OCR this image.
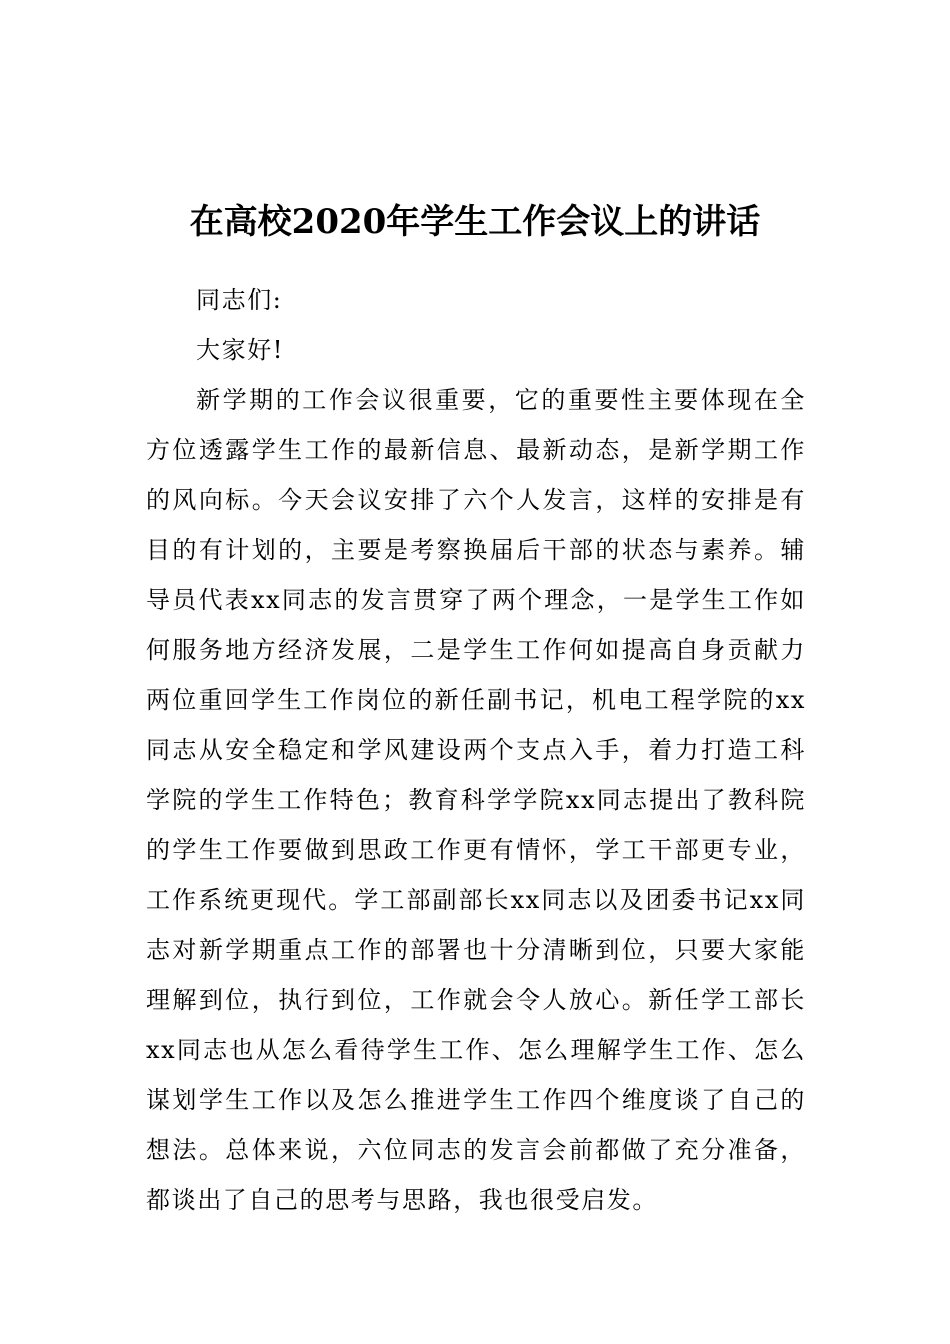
在高校2020年学生工作会议上的讲话

同志们:

大家好!

新学期的工作会议很重要，它的重要性主要体现在全方位透露学生工作的最新信息、最新动态，是新学期工作的风向标。今天会议安排了六个人发言，这样的安排是有目的有计划的，主要是考察换届后干部的状态与素养。辅导员代表xx同志的发言贯穿了两个理念，一是学生工作如何服务地方经济发展，二是学生工作何如提高自身贡献力两位重回学生工作岗位的新任副书记，机电工程学院的xx同志从安全稳定和学风建设两个支点入手，着力打造工科学院的学生工作特色；教育科学学院xx同志提出了教科院的学生工作要做到思政工作更有情怀，学工干部更专业，工作系统更现代。学工部副部长xx同志以及团委书记xx同志对新学期重点工作的部署也十分清晰到位，只要大家能理解到位，执行到位，工作就会令人放心。新任学工部长xx同志也从怎么看待学生工作、怎么理解学生工作、怎么谋划学生工作以及怎么推进学生工作四个维度谈了自己的想法。总体来说，六位同志的发言会前都做了充分准备，都谈出了自己的思考与思路，我也很受启发。
